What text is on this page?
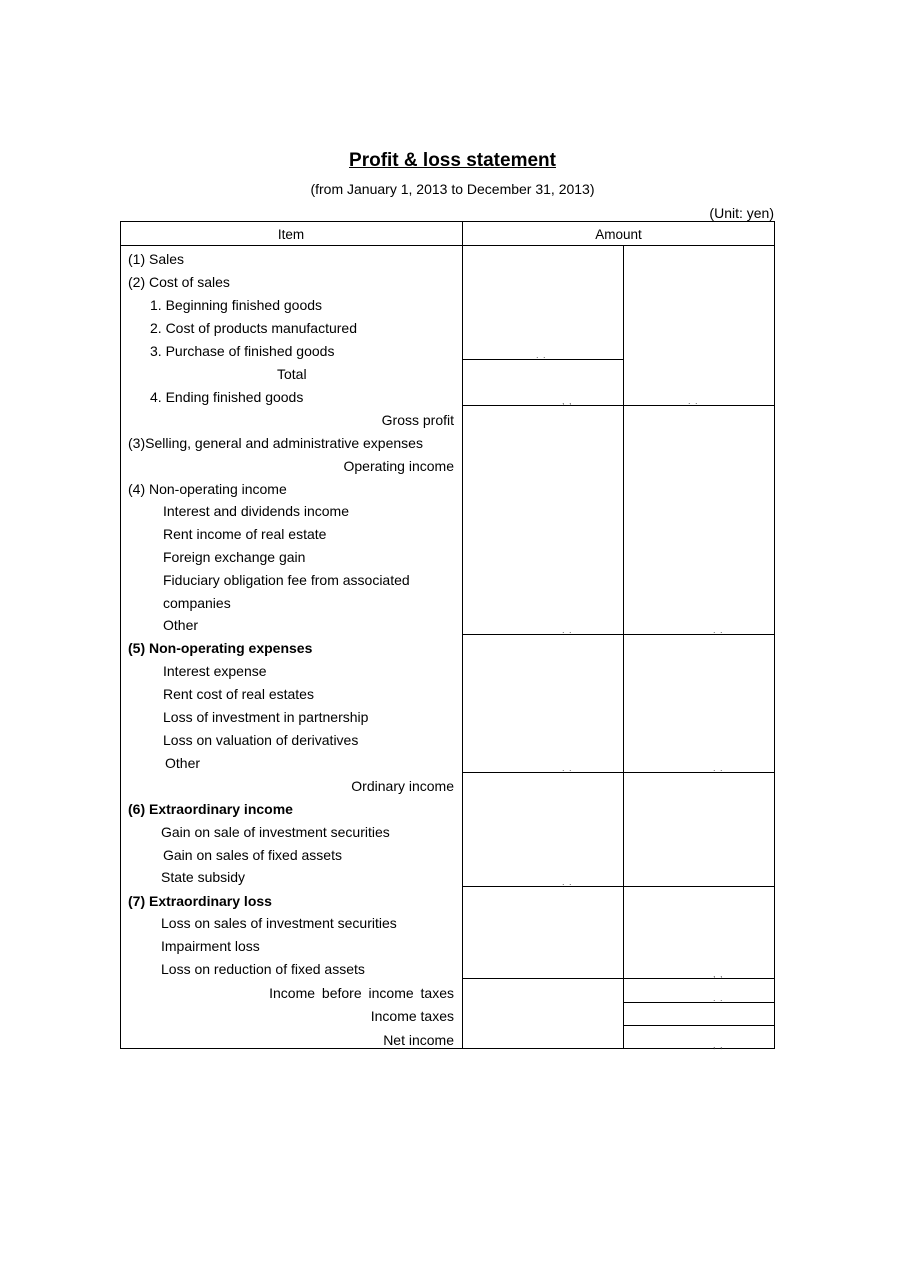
Profit & loss statement
(from January 1, 2013 to December 31, 2013)
(Unit: yen)
Item	Amount
(1) Sales
(2) Cost of sales
1. Beginning finished goods
2. Cost of products manufactured
3. Purchase of finished goods
Total
4. Ending finished goods
Gross profit
(3)Selling, general and administrative expenses
Operating income
(4) Non-operating income
Interest and dividends income
Rent income of real estate
Foreign exchange gain
Fiduciary obligation fee from associated
companies
Other
(5) Non-operating expenses
Interest expense
Rent cost of real estates
Loss of investment in partnership
Loss on valuation of derivatives
Other
Ordinary income
(6) Extraordinary income
Gain on sale of investment securities
Gain on sales of fixed assets
State subsidy
(7) Extraordinary loss
Loss on sales of investment securities
Impairment loss
Loss on reduction of fixed assets
Income before income taxes
Income taxes
Net income
. .
, ,	. .
. .	. .
. .	. .
. .
, ,
. .
, ,
